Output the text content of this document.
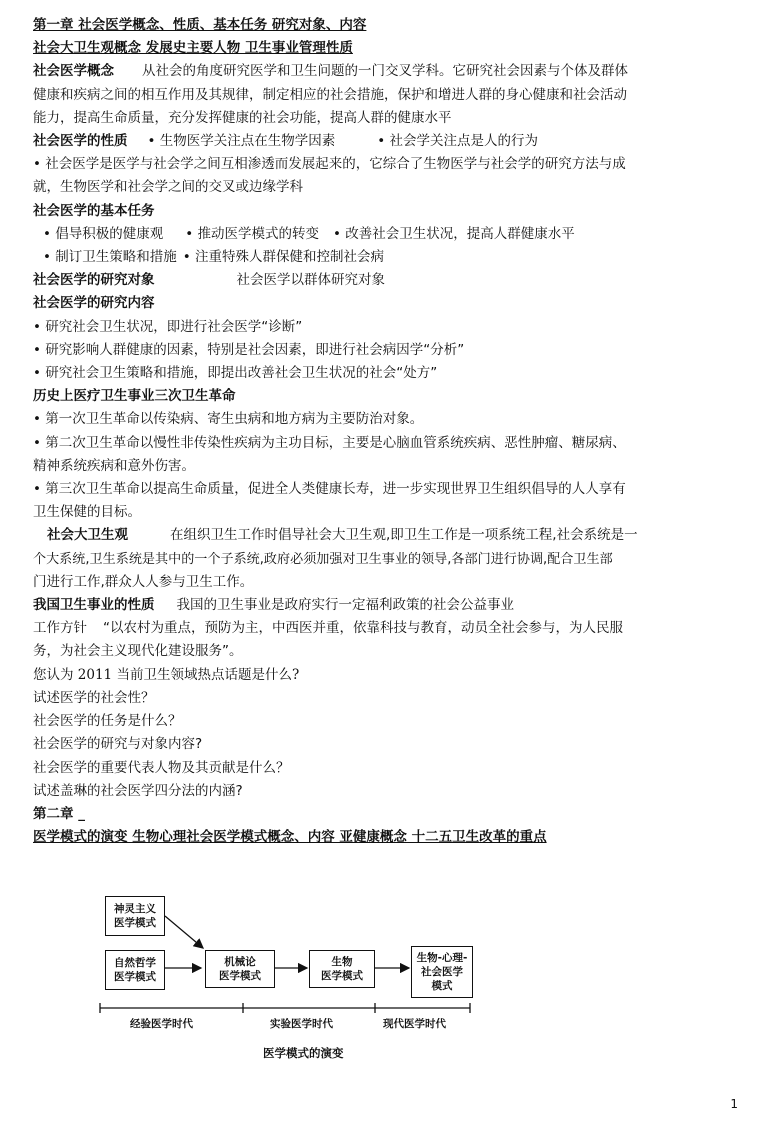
第一章 社会医学概念、性质、基本任务 研究对象、内容
社会大卫生观概念 发展史主要人物 卫生事业管理性质
社会医学概念 从社会的角度研究医学和卫生问题的一门交叉学科。它研究社会因素与个体及群体
健康和疾病之间的相互作用及其规律，制定相应的社会措施，保护和增进人群的身心健康和社会活动
能力，提高生命质量，充分发挥健康的社会功能，提高人群的健康水平
社会医学的性质 • 生物医学关注点在生物学因素	• 社会学关注点是人的行为
• 社会医学是医学与社会学之间互相渗透而发展起来的，它综合了生物医学与社会学的研究方法与成
就，生物医学和社会学之间的交叉或边缘学科
社会医学的基本任务
• 倡导积极的健康观 • 推动医学模式的转变 • 改善社会卫生状况，提高人群健康水平
• 制订卫生策略和措施 • 注重特殊人群保健和控制社会病
社会医学的研究对象	社会医学以群体研究对象
社会医学的研究内容
• 研究社会卫生状况，即进行社会医学“诊断”
• 研究影响人群健康的因素，特别是社会因素，即进行社会病因学“分析”
• 研究社会卫生策略和措施，即提出改善社会卫生状况的社会“处方”
历史上医疗卫生事业三次卫生革命
• 第一次卫生革命以传染病、寄生虫病和地方病为主要防治对象。
• 第二次卫生革命以慢性非传染性疾病为主功目标，主要是心脑血管系统疾病、恶性肿瘤、糖尿病、
精神系统疾病和意外伤害。
• 第三次卫生革命以提高生命质量，促进全人类健康长寿，进一步实现世界卫生组织倡导的人人享有
卫生保健的目标。
社会大卫生观	在组织卫生工作时倡导社会大卫生观,即卫生工作是一项系统工程,社会系统是一
个大系统,卫生系统是其中的一个子系统,政府必须加强对卫生事业的领导,各部门进行协调,配合卫生部
门进行工作,群众人人参与卫生工作。
我国卫生事业的性质 我国的卫生事业是政府实行一定福利政策的社会公益事业
工作方针 “以农村为重点，预防为主，中西医并重，依靠科技与教育，动员全社会参与，为人民服
务，为社会主义现代化建设服务”。
您认为 2011 当前卫生领域热点话题是什么?
试述医学的社会性？
社会医学的任务是什么？
社会医学的研究与对象内容?
社会医学的重要代表人物及其贡献是什么？
试述盖琳的社会医学四分法的内涵?
第二章 _
医学模式的演变 生物心理社会医学模式概念、内容 亚健康概念 十二五卫生改革的重点
神灵主义
医学模式
自然哲学
医学模式
机械论
医学模式
生物
医学模式
生物-心理-
社会医学
模式
经验医学时代	实验医学时代	现代医学时代
医学模式的演变
1
